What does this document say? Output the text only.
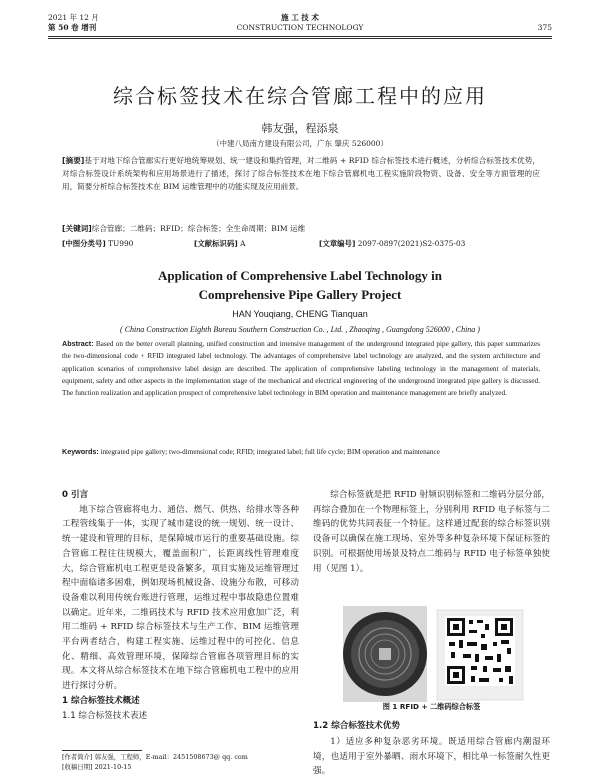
2021 年 12 月
第 50 卷 增刊
施 工 技 术
CONSTRUCTION TECHNOLOGY	375
综合标签技术在综合管廊工程中的应用
韩友强，程添泉
（中建八局南方建设有限公司，广东 肇庆 526000）
[摘要]基于对地下综合管廊实行更好地统筹规划、统一建设和集约管理，对二维码 + RFID 综合标签技术进行概述，分析综合标签技术优势，对综合标签设计系统架构和应用场景进行了描述，探讨了综合标签技术在地下综合管廊机电工程实施阶段物资、设备、安全等方面管理的应用，简要分析综合标签技术在 BIM 运维管理中的功能实现及应用前景。
[关键词]综合管廊；二维码；RFID；综合标签；全生命周期；BIM 运维
[中图分类号] TU990	[文献标识码] A	[文章编号] 2097-0897(2021)S2-0375-03
Application of Comprehensive Label Technology in
Comprehensive Pipe Gallery Project
HAN Youqiang, CHENG Tianquan
( China Construction Eighth Bureau Southern Construction Co. , Ltd. , Zhaoqing , Guangdong 526000 , China )
Abstract: Based on the better overall planning, unified construction and intensive management of the underground integrated pipe gallery, this paper summarizes the two-dimensional code + RFID integrated label technology. The advantages of comprehensive label technology are analyzed, and the system architecture and application scenarios of comprehensive label design are described. The application of comprehensive labeling technology in the management of materials, equipment, safety and other aspects in the implementation stage of the mechanical and electrical engineering of the underground integrated pipe gallery is discussed. The function realization and application prospect of comprehensive label technology in BIM operation and maintenance management are briefly analyzed.
Keywords: integrated pipe gallery; two-dimensional code; RFID; integrated label; full life cycle; BIM operation and maintenance

0 引言

地下综合管廊将电力、通信、燃气、供热、给排水等各种工程管线集于一体，实现了城市建设的统一规划、统一设计、统一建设和管理的目标，是保障城市运行的重要基础设施。综合管廊工程往往规模大，覆盖面积广，长距离线性管理难度大，综合管廊机电工程更是设备繁多，项目实施及运维管理过程中面临诸多困难，例如现场机械设备、设施分布散，可移动设备难以利用传统台账进行管理，运维过程中事故隐患位置难以确定。近年来，二维码技术与 RFID 技术应用愈加广泛，利用二维码 + RFID 综合标签技术与生产工作、BIM 运维管理平台两者结合，构建工程实施、运维过程中的可控化、信息化、精细、高效管理环境，保障综合管廊各项管理目标的实现。本文将从综合标签技术在地下综合管廊机电工程中的应用进行探讨分析。

1 综合标签技术概述

1.1 综合标签技术表述

[作者简介] 韩友强，工程师，E-mail：2451508673@ qq. com
[收稿日期] 2021-10-15

综合标签就是把 RFID 射频识别标签和二维码分层分部，再综合叠加在一个物理标签上，分别利用 RFID 电子标签与二维码的优势共同表征一个特征。这样通过配套的综合标签识别设备可以确保在施工现场、室外等多种复杂环境下保证标签的识别。可根据使用场景及特点二维码与 RFID 电子标签单独使用（见图 1）。

图 1 RFID + 二维码综合标签
1.2 综合标签技术优势

1）适应多种复杂恶劣环境。既适用综合管廊内潮湿环境，也适用于室外暴晒、雨水环境下，相比单一标签耐久性更强。
